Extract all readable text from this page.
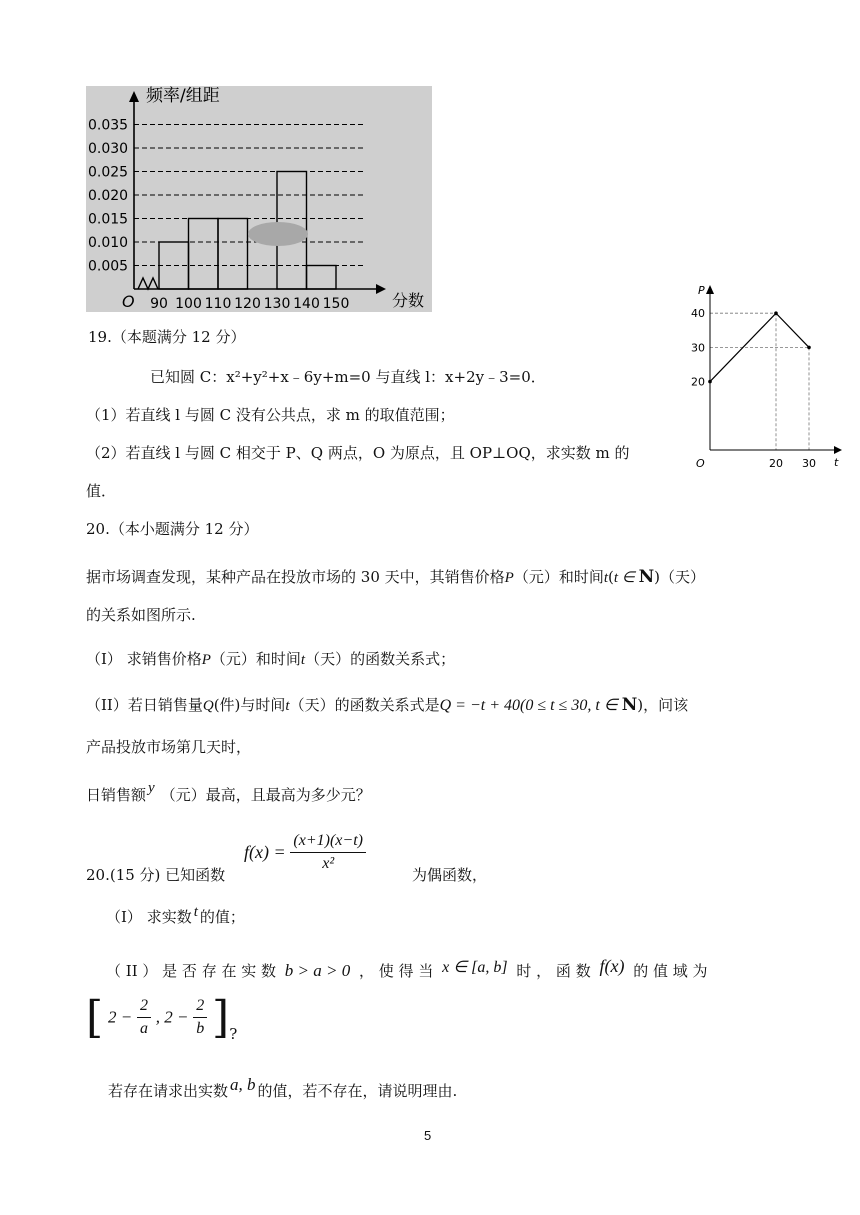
频率/组距
分数
O
0.035
0.030
0.025
0.020
0.015
0.010
0.005
90 100 110 120 130 140 150
P
t
O
40
30
20
20 30
19.（本题满分 12 分）
已知圆 C：x²+y²+x﹣6y+m=0 与直线 l：x+2y﹣3=0．
（1）若直线 l 与圆 C 没有公共点，求 m 的取值范围；
（2）若直线 l 与圆 C 相交于 P、Q 两点，O 为原点，且 OP⊥OQ，求实数 m 的
值．
20.（本小题满分 12 分）
据市场调查发现，某种产品在投放市场的 30 天中，其销售价格P（元）和时间t(t ∈ N)（天）
的关系如图所示.
（I） 求销售价格P（元）和时间t（天）的函数关系式；
（II）若日销售量Q(件)与时间t（天）的函数关系式是Q = −t + 40(0 ≤ t ≤ 30, t ∈ N)，问该
产品投放市场第几天时，
日销售额 y （元）最高，且最高为多少元？
20.(15 分) 已知函数
$f(x) = \frac{(x+1)(x-t)}{\text{x²}}$	为偶函数，
（I） 求实数 t 的值；
（ II ） 是 否 存 在 实 数 b > a > 0 ， 使 得 当 x ∈ [a, b] 时 ， 函 数 f(x) 的 值 域 为
[ $2 - \frac{2}{a}$ , $2 - \frac{2}{b}$ ]?
若存在请求出实数 a, b 的值，若不存在，请说明理由.
5
